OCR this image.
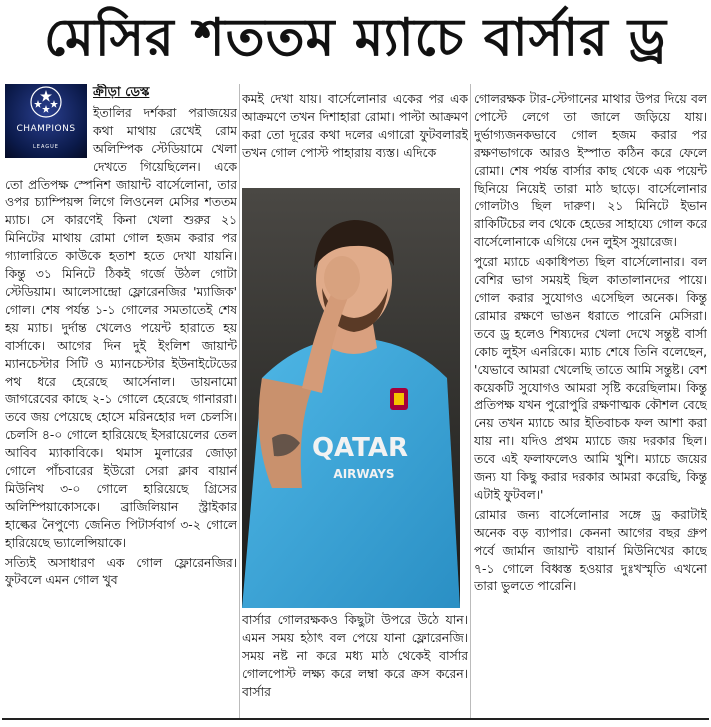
মেসির শততম ম্যাচে বার্সার ড্র
CHAMPIONS
LEAGUE
ক্রীড়া ডেস্ক

ইতালির দর্শকরা পরাজয়ের কথা মাথায় রেখেই রোম অলিম্পিক স্টেডিয়ামে খেলা দেখতে গিয়েছিলেন। একে তো প্রতিপক্ষ স্পেনিশ জায়ান্ট বার্সেলোনা, তার ওপর চ্যাম্পিয়ন্স লিগে লিওনেল মেসির শততম ম্যাচ। সে কারণেই কিনা খেলা শুরুর ২১ মিনিটের মাথায় রোমা গোল হজম করার পর গ্যালারিতে কাউকে হতাশ হতে দেখা যায়নি। কিন্তু ৩১ মিনিটে ঠিকই গর্জে উঠল গোটা স্টেডিয়াম। আলেসান্দ্রো ফ্লোরেনজির 'ম্যাজিক' গোল। শেষ পর্যন্ত ১-১ গোলের সমতাতেই শেষ হয় ম্যাচ। দুর্দান্ত খেলেও পয়েন্ট হারাতে হয় বার্সাকে। আগের দিন দুই ইংলিশ জায়ান্ট ম্যানচেস্টার সিটি ও ম্যানচেস্টার ইউনাইটেডের পথ ধরে হেরেছে আর্সেনাল। ডায়নামো জাগরেবের কাছে ২-১ গোলে হেরেছে গানাররা। তবে জয় পেয়েছে হোসে মরিনহোর দল চেলসি। চেলসি ৪-০ গোলে হারিয়েছে ইসরায়েলের তেল আবিব ম্যাকাবিকে। থমাস মুলারের জোড়া গোলে পাঁচবারের ইউরো সেরা ক্লাব বায়ার্ন মিউনিখ ৩-০ গোলে হারিয়েছে গ্রিসের অলিম্পিয়াকোসকে। ব্রাজিলিয়ান স্ট্রাইকার হাল্কের নৈপুণ্যে জেনিত পিটার্সবার্গ ৩-২ গোলে হারিয়েছে ভ্যালেন্সিয়াকে।

সত্যিই অসাধারণ এক গোল ফ্লোরেনজির। ফুটবলে এমন গোল খুব

কমই দেখা যায়। বার্সেলোনার একের পর এক আক্রমণে তখন দিশাহারা রোমা। পাল্টা আক্রমণ করা তো দূরের কথা দলের এগারো ফুটবলারই তখন গোল পোস্ট পাহারায় ব্যস্ত। এদিকে

QATAR
AIRWAYS

বার্সার গোলরক্ষকও কিছুটা উপরে উঠে যান। এমন সময় হঠাৎ বল পেয়ে যানা ফ্লোরেনজি। সময় নষ্ট না করে মধ্য মাঠ থেকেই বার্সার গোলপোস্ট লক্ষ্য করে লম্বা করে ক্রস করেন। বার্সার

গোলরক্ষক টার-স্টেগানের মাথার উপর দিয়ে বল পোস্টে লেগে তা জালে জড়িয়ে যায়। দুর্ভাগ্যজনকভাবে গোল হজম করার পর রক্ষণভাগকে আরও ইস্পাত কঠিন করে ফেলে রোমা। শেষ পর্যন্ত বার্সার কাছ থেকে এক পয়েন্ট ছিনিয়ে নিয়েই তারা মাঠ ছাড়ে। বার্সেলোনার গোলটাও ছিল দারুণ। ২১ মিনিটে ইভান রাকিটিচের লব থেকে হেডের সাহায্যে গোল করে বার্সেলোনাকে এগিয়ে দেন লুইস সুয়ারেজ।

পুরো ম্যাচে একাধিপত্য ছিল বার্সেলোনার। বল বেশির ভাগ সময়ই ছিল কাতালানদের পায়ে। গোল করার সুযোগও এসেছিল অনেক। কিন্তু রোমার রক্ষণে ভাঙন ধরাতে পারেনি মেসিরা। তবে ড্র হলেও শিষ্যদের খেলা দেখে সন্তুষ্ট বার্সা কোচ লুইস এনরিকে। ম্যাচ শেষে তিনি বলেছেন, 'যেভাবে আমরা খেলেছি তাতে আমি সন্তুষ্ট। বেশ কয়েকটি সুযোগও আমরা সৃষ্টি করেছিলাম। কিন্তু প্রতিপক্ষ যখন পুরোপুরি রক্ষণাত্মক কৌশল বেছে নেয় তখন ম্যাচে আর ইতিবাচক ফল আশা করা যায় না। যদিও প্রথম ম্যাচে জয় দরকার ছিল। তবে এই ফলাফলেও আমি খুশি। ম্যাচে জয়ের জন্য যা কিছু করার দরকার আমরা করেছি, কিন্তু এটাই ফুটবল।'

রোমার জন্য বার্সেলোনার সঙ্গে ড্র করাটাই অনেক বড় ব্যাপার। কেননা আগের বছর গ্রুপ পর্বে জার্মান জায়ান্ট বায়ার্ন মিউনিখের কাছে ৭-১ গোলে বিধ্বস্ত হওয়ার দুঃখস্মৃতি এখনো তারা ভুলতে পারেনি।
